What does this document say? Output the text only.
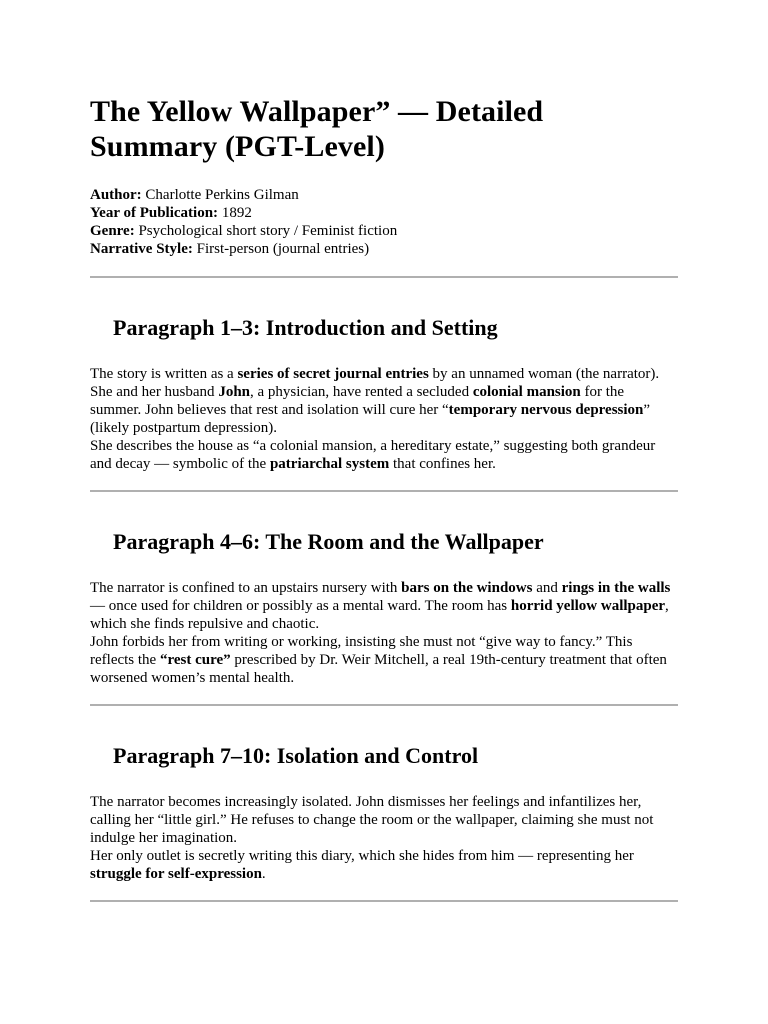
The Yellow Wallpaper” — Detailed Summary (PGT-Level)
Author: Charlotte Perkins Gilman
Year of Publication: 1892
Genre: Psychological short story / Feminist fiction
Narrative Style: First-person (journal entries)
Paragraph 1–3: Introduction and Setting
The story is written as a series of secret journal entries by an unnamed woman (the narrator). She and her husband John, a physician, have rented a secluded colonial mansion for the summer. John believes that rest and isolation will cure her “temporary nervous depression” (likely postpartum depression).
She describes the house as “a colonial mansion, a hereditary estate,” suggesting both grandeur and decay — symbolic of the patriarchal system that confines her.
Paragraph 4–6: The Room and the Wallpaper
The narrator is confined to an upstairs nursery with bars on the windows and rings in the walls — once used for children or possibly as a mental ward. The room has horrid yellow wallpaper, which she finds repulsive and chaotic.
John forbids her from writing or working, insisting she must not “give way to fancy.” This reflects the “rest cure” prescribed by Dr. Weir Mitchell, a real 19th-century treatment that often worsened women’s mental health.
Paragraph 7–10: Isolation and Control
The narrator becomes increasingly isolated. John dismisses her feelings and infantilizes her, calling her “little girl.” He refuses to change the room or the wallpaper, claiming she must not indulge her imagination.
Her only outlet is secretly writing this diary, which she hides from him — representing her struggle for self-expression.
